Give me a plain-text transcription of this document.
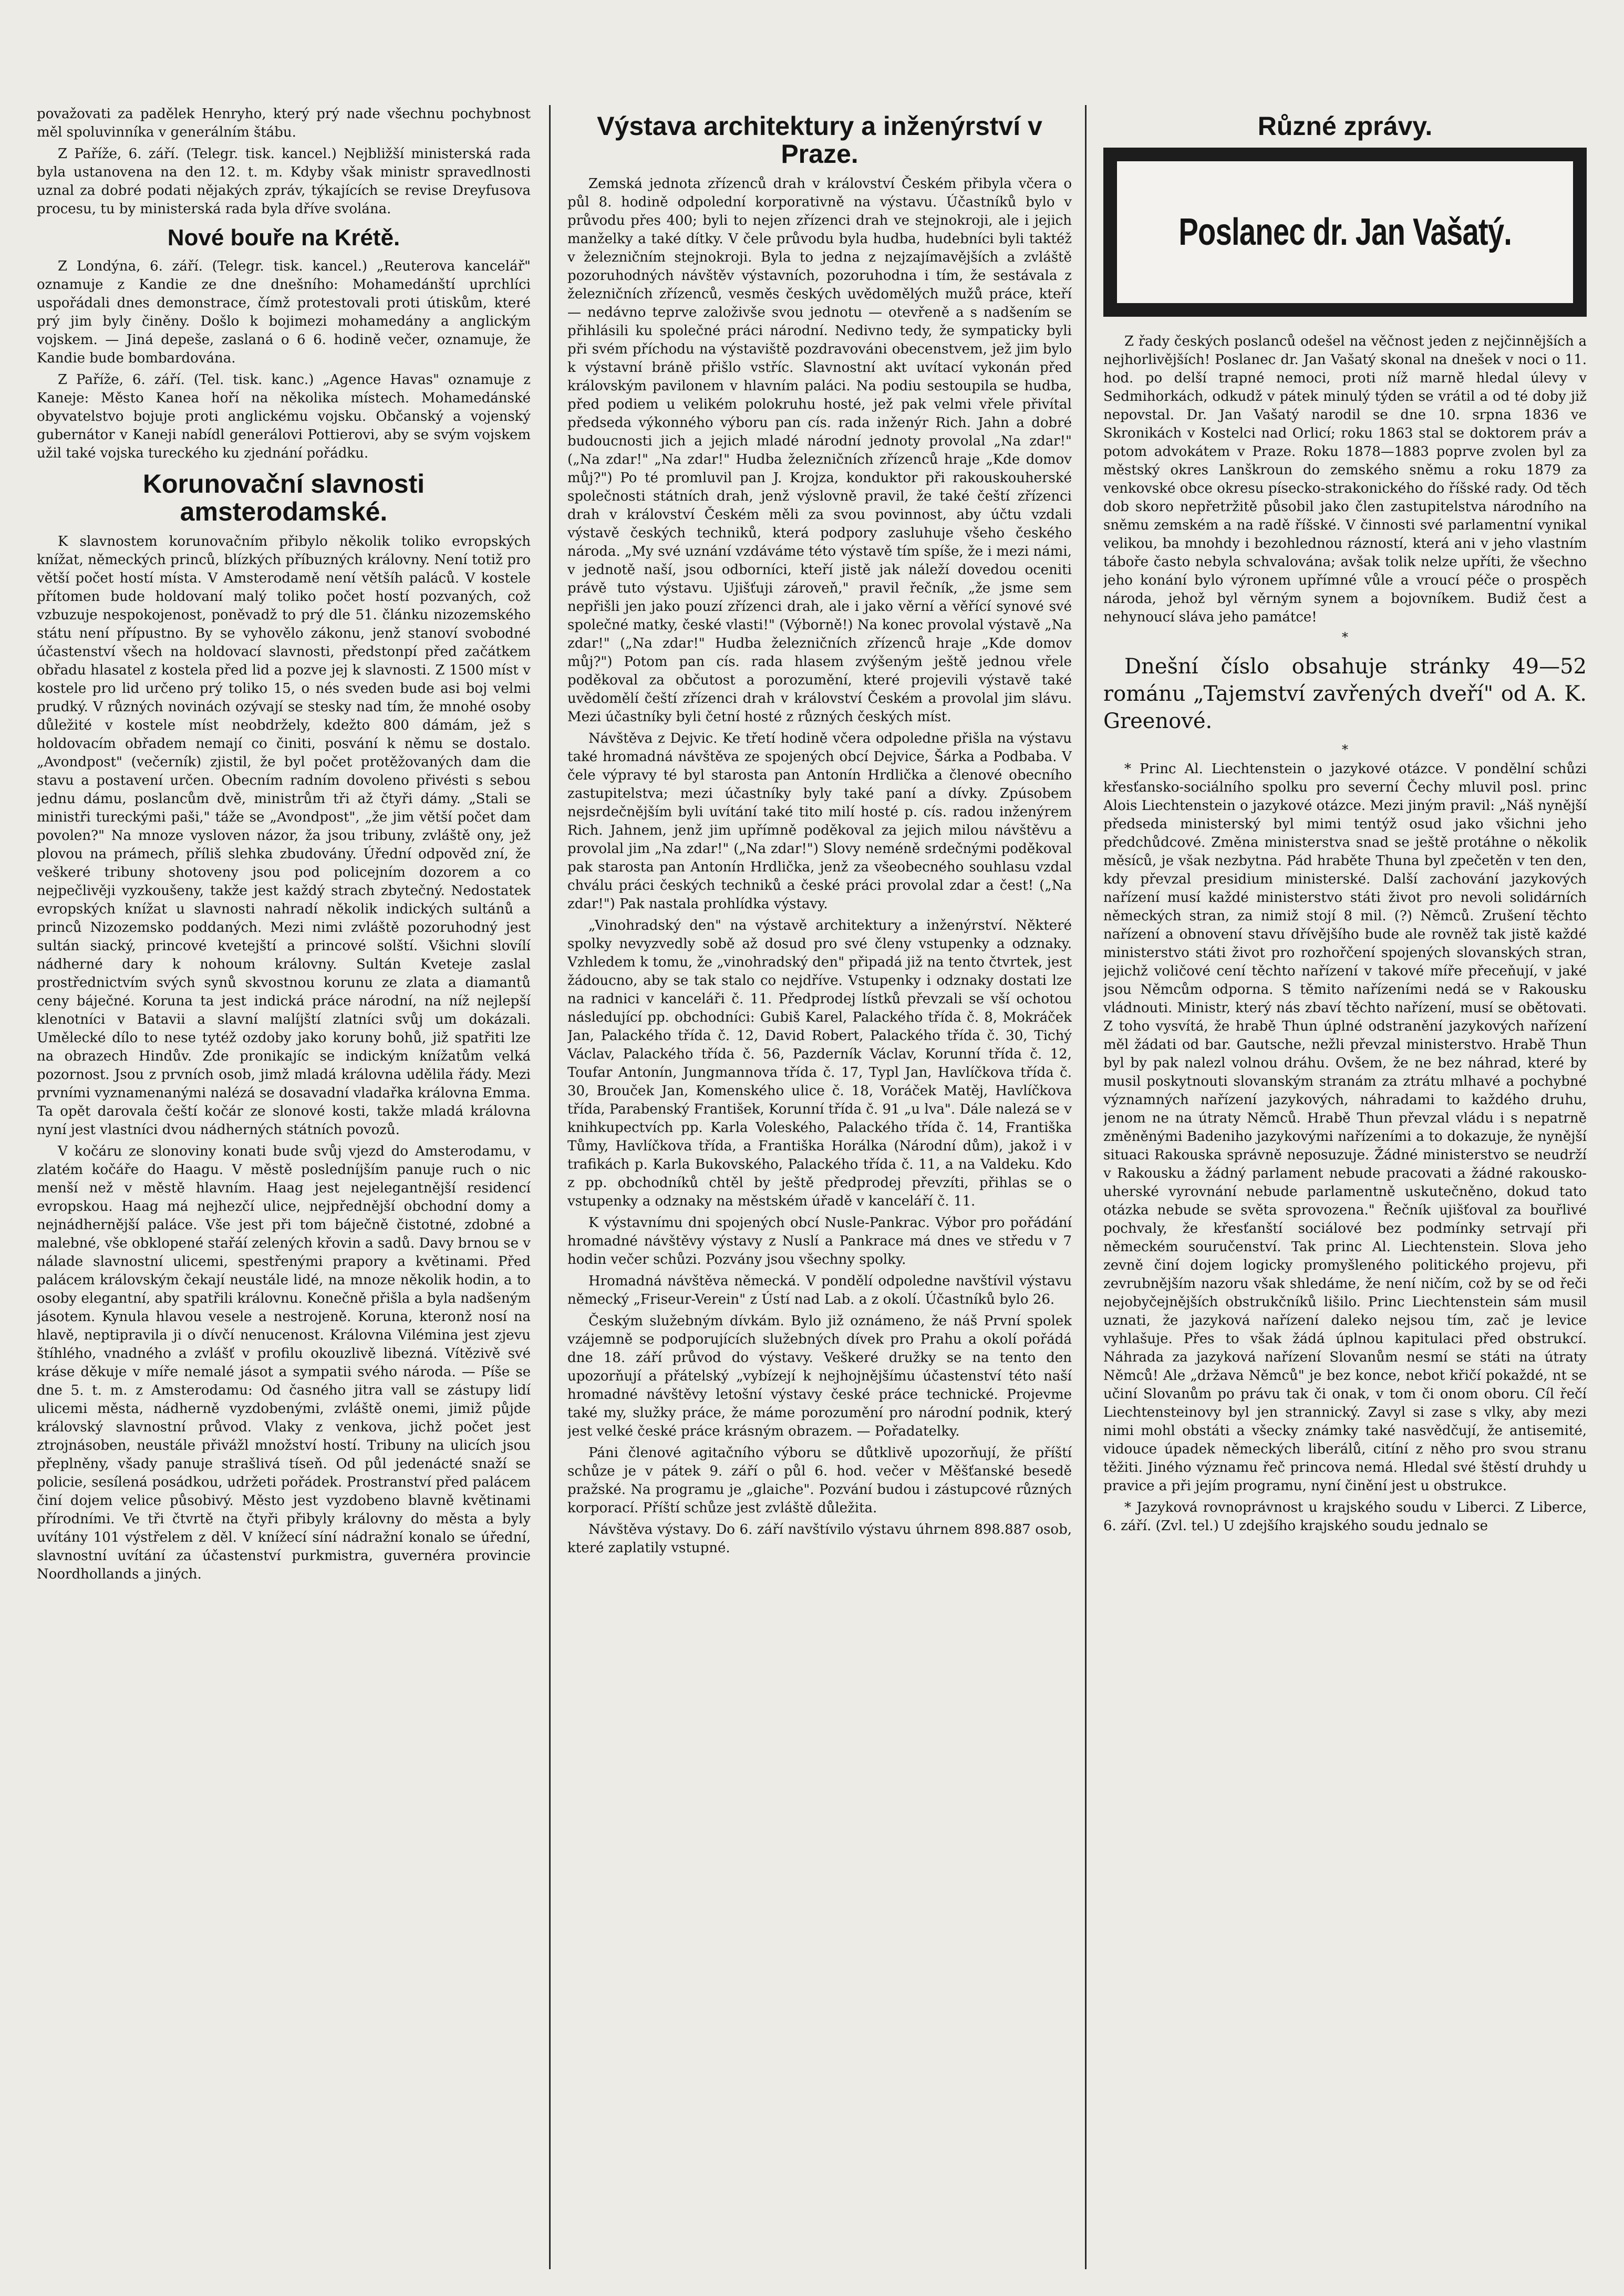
považovati za padělek Henryho, který prý nade všechnu pochybnost měl spoluvinníka v generálním štábu.

Z Paříže, 6. září. (Telegr. tisk. kancel.) Nejbližší ministerská rada byla ustanovena na den 12. t. m. Kdyby však ministr spravedlnosti uznal za dobré podati nějakých zpráv, týkajících se revise Dreyfusova procesu, tu by ministerská rada byla dříve svolána.

Nové bouře na Krétě.

Z Londýna, 6. září. (Telegr. tisk. kancel.) „Reuterova kancelář" oznamuje z Kandie ze dne dnešního: Mohamedánští uprchlíci uspořádali dnes demonstrace, čímž protestovali proti útiskům, které prý jim byly činěny. Došlo k bojimezi mohamedány a anglickým vojskem. — Jiná depeše, zaslaná o 6 6. hodině večer, oznamuje, že Kandie bude bombardována.

Z Paříže, 6. září. (Tel. tisk. kanc.) „Agence Havas" oznamuje z Kaneje: Město Kanea hoří na několika místech. Mohamedánské obyvatelstvo bojuje proti anglickému vojsku. Občanský a vojenský gubernátor v Kaneji nabídl generálovi Pottierovi, aby se svým vojskem užil také vojska tureckého ku zjednání pořádku.

Korunovační slavnosti amsterodamské.

K slavnostem korunovačním přibylo několik toliko evropských knížat, německých princů, blízkých příbuzných královny. Není totiž pro větší počet hostí místa. V Amsterodamě není většíh paláců. V kostele přítomen bude holdovaní malý toliko počet hostí pozvaných, což vzbuzuje nespokojenost, poněvadž to prý dle 51. článku nizozemského státu není přípustno. By se vyhovělo zákonu, jenž stanoví svobodné účastenství všech na holdovací slavnosti, předstonpí před začátkem obřadu hlasatel z kostela před lid a pozve jej k slavnosti. Z 1500 míst v kostele pro lid určeno prý toliko 15, o nés sveden bude asi boj velmi prudký. V různých novinách ozývají se stesky nad tím, že mnohé osoby důležité v kostele míst neobdržely, kdežto 800 dámám, jež s holdovacím obřadem nemají co činiti, posvání k němu se dostalo. „Avondpost" (večerník) zjistil, že byl počet protěžovaných dam die stavu a postavení určen. Obecním radním dovoleno přivésti s sebou jednu dámu, poslancům dvě, ministrům tři až čtyři dámy. „Stali se ministři tureckými paši," táže se „Avondpost", „že jim větší počet dam povolen?" Na mnoze vysloven názor, ža jsou tribuny, zvláště ony, jež plovou na prámech, příliš slehka zbudovány. Úřední odpověd zní, že veškeré tribuny shotoveny jsou pod policejním dozorem a co nejpečlivěji vyzkoušeny, takže jest každý strach zbytečný. Nedostatek evropských knížat u slavnosti nahradí několik indických sultánů a princů Nizozemsko poddaných. Mezi nimi zvláště pozoruhodný jest sultán siacký, princové kvetejští a princové solští. Všichni slovílí nádherné dary k nohoum královny. Sultán Kveteje zaslal prostřednictvím svých synů skvostnou korunu ze zlata a diamantů ceny báječné. Koruna ta jest indická práce národní, na níž nejlepší klenotníci v Batavii a slavní malíjští zlatníci svůj um dokázali. Umělecké dílo to nese tytéž ozdoby jako koruny bohů, již spatřiti lze na obrazech Hindův. Zde pronikajíc se indickým knížatům velká pozornost. Jsou z prvních osob, jimž mladá královna udělila řády. Mezi prvními vyznamenanými nalézá se dosavadní vladařka královna Emma. Ta opět darovala čeští kočár ze slonové kosti, takže mladá královna nyní jest vlastníci dvou nádherných státních povozů.

V kočáru ze slonoviny konati bude svůj vjezd do Amsterodamu, v zlatém kočáře do Haagu. V městě posledníjším panuje ruch o nic menší než v městě hlavním. Haag jest nejelegantnější residencí evropskou. Haag má nejhezčí ulice, nejpřednější obchodní domy a nejnádhernější paláce. Vše jest při tom báječně čistotné, zdobné a malebné, vše obklopené stařáí zelených křovin a sadů. Davy brnou se v nálade slavnostní ulicemi, spestřenými prapory a květinami. Před palácem královským čekají neustále lidé, na mnoze několik hodin, a to osoby elegantní, aby spatřili královnu. Konečně přišla a byla nadšeným jásotem. Kynula hlavou vesele a nestrojeně. Koruna, kteronž nosí na hlavě, neptipravila ji o dívčí nenucenost. Královna Vilémina jest zjevu štíhlého, vnadného a zvlášť v profilu okouzlivě libezná. Vítězivě své kráse děkuje v míře nemalé jásot a sympatii svého národa. — Píše se dne 5. t. m. z Amsterodamu: Od časného jitra vall se zástupy lidí ulicemi města, nádherně vyzdobenými, zvláště onemi, jimiž půjde královský slavnostní průvod. Vlaky z venkova, jichž počet jest ztrojnásoben, neustále přivážl množství hostí. Tribuny na ulicích jsou přeplněny, všady panuje strašlivá tíseň. Od půl jedenácté snaží se policie, sesílená posádkou, udržeti pořádek. Prostranství před palácem činí dojem velice působivý. Město jest vyzdobeno blavně květinami přírodními. Ve tři čtvrtě na čtyři přibyly královny do města a byly uvítány 101 výstřelem z děl. V knížecí síní nádražní konalo se úřední, slavnostní uvítání za účastenství purkmistra, guvernéra provincie Noordhollands a jiných.

Výstava architektury a inženýrství v Praze.

Zemská jednota zřízenců drah v království Českém přibyla včera o půl 8. hodině odpolední korporativně na výstavu. Účastníků bylo v průvodu přes 400; byli to nejen zřízenci drah ve stejnokroji, ale i jejich manželky a také dítky. V čele průvodu byla hudba, hudebníci byli taktéž v železničním stejnokroji. Byla to jedna z nejzajímavějších a zvláště pozoruhodných návštěv výstavních, pozoruhodna i tím, že sestávala z železničních zřízenců, vesměs českých uvědomělých mužů práce, kteří — nedávno teprve založivše svou jednotu — otevřeně a s nadšením se přihlásili ku společné práci národní. Nedivno tedy, že sympaticky byli při svém příchodu na výstaviště pozdravováni obecenstvem, jež jim bylo k výstavní bráně přišlo vstříc. Slavnostní akt uvítací vykonán před královským pavilonem v hlavním paláci. Na podiu sestoupila se hudba, před podiem u velikém polokruhu hosté, jež pak velmi vřele přivítal předseda výkonného výboru pan cís. rada inženýr Rich. Jahn a dobré budoucnosti jich a jejich mladé národní jednoty provolal „Na zdar!" („Na zdar!" „Na zdar!" Hudba železničních zřízenců hraje „Kde domov můj?") Po té promluvil pan J. Krojza, konduktor při rakouskouherské společnosti státních drah, jenž výslovně pravil, že také čeští zřízenci drah v království Českém měli za svou povinnost, aby účtu vzdali výstavě českých techniků, která podpory zasluhuje všeho českého národa. „My své uznání vzdáváme této výstavě tím spíše, že i mezi námi, v jednotě naší, jsou odborníci, kteří jistě jak náleží dovedou oceniti právě tuto výstavu. Ujišťuji zároveň," pravil řečník, „že jsme sem nepřišli jen jako pouzí zřízenci drah, ale i jako věrní a věřící synové své společné matky, české vlasti!" (Výborně!) Na konec provolal výstavě „Na zdar!" („Na zdar!" Hudba železničních zřízenců hraje „Kde domov můj?") Potom pan cís. rada hlasem zvýšeným ještě jednou vřele poděkoval za občutost a porozumění, které projevili výstavě také uvědomělí čeští zřízenci drah v království Českém a provolal jim slávu. Mezi účastníky byli četní hosté z různých českých míst.

Návštěva z Dejvic. Ke třetí hodině včera odpoledne přišla na výstavu také hromadná návštěva ze spojených obcí Dejvice, Šárka a Podbaba. V čele výpravy té byl starosta pan Antonín Hrdlička a členové obecního zastupitelstva; mezi účastníky byly také paní a dívky. Zpúsobem nejsrdečnějším byli uvítání také tito milí hosté p. cís. radou inženýrem Rich. Jahnem, jenž jim upřímně poděkoval za jejich milou návštěvu a provolal jim „Na zdar!" („Na zdar!") Slovy neméně srdečnými poděkoval pak starosta pan Antonín Hrdlička, jenž za všeobecného souhlasu vzdal chválu práci českých techniků a české práci provolal zdar a čest! („Na zdar!") Pak nastala prohlídka výstavy.

„Vinohradský den" na výstavě architektury a inženýrství. Některé spolky nevyzvedly sobě až dosud pro své členy vstupenky a odznaky. Vzhledem k tomu, že „vinohradský den" připadá již na tento čtvrtek, jest žádoucno, aby se tak stalo co nejdříve. Vstupenky i odznaky dostati lze na radnici v kanceláři č. 11. Předprodej lístků převzali se vší ochotou následující pp. obchodníci: Gubiš Karel, Palackého třída č. 8, Mokráček Jan, Palackého třída č. 12, David Robert, Palackého třída č. 30, Tichý Václav, Palackého třída č. 56, Pazderník Václav, Korunní třída č. 12, Toufar Antonín, Jungmannova třída č. 17, Typl Jan, Havlíčkova třída č. 30, Brouček Jan, Komenského ulice č. 18, Voráček Matěj, Havlíčkova třída, Parabenský František, Korunní třída č. 91 „u lva". Dále nalezá se v knihkupectvích pp. Karla Voleského, Palackého třída č. 14, Františka Tůmy, Havlíčkova třída, a Františka Horálka (Národní dům), jakož i v trafikách p. Karla Bukovského, Palackého třída č. 11, a na Valdeku. Kdo z pp. obchodníků chtěl by ještě předprodej převzíti, přihlas se o vstupenky a odznaky na městském úřadě v kanceláří č. 11.

K výstavnímu dni spojených obcí Nusle-Pankrac. Výbor pro pořádání hromadné návštěvy výstavy z Nuslí a Pankrace má dnes ve středu v 7 hodin večer schůzi. Pozvány jsou všechny spolky.

Hromadná návštěva německá. V pondělí odpoledne navštívil výstavu německý „Friseur-Verein" z Ústí nad Lab. a z okolí. Účastníků bylo 26.

Českým služebným dívkám. Bylo již oznámeno, že náš První spolek vzájemně se podporujících služebných dívek pro Prahu a okolí pořádá dne 18. září průvod do výstavy. Veškeré družky se na tento den upozorňují a přátelský „vybízejí k nejhojnějšímu účastenství této naší hromadné návštěvy letošní výstavy české práce technické. Projevme také my, služky práce, že máme porozumění pro národní podnik, který jest velké české práce krásným obrazem. — Pořadatelky.

Páni členové agitačního výboru se důtklivě upozorňují, že příští schůze je v pátek 9. září o půl 6. hod. večer v Měšťanské besedě pražské. Na programu je „glaiche". Pozvání budou i zástupcové různých korporací. Příští schůze jest zvláště důležita.

Návštěva výstavy. Do 6. září navštívilo výstavu úhrnem 898.887 osob, které zaplatily vstupné.

Různé zprávy.
Poslanec dr. Jan Vašatý.

Z řady českých poslanců odešel na věčnost jeden z nejčinnějších a nejhorlivějších! Poslanec dr. Jan Vašatý skonal na dnešek v noci o 11. hod. po delší trapné nemoci, proti níž marně hledal úlevy v Sedmihorkách, odkudž v pátek minulý týden se vrátil a od té doby již nepovstal. Dr. Jan Vašatý narodil se dne 10. srpna 1836 ve Skronikách v Kostelci nad Orlicí; roku 1863 stal se doktorem práv a potom advokátem v Praze. Roku 1878—1883 poprve zvolen byl za městský okres Lanškroun do zemského sněmu a roku 1879 za venkovské obce okresu písecko-strakonického do říšské rady. Od těch dob skoro nepřetržitě působil jako člen zastupitelstva národního na sněmu zemském a na radě říšské. V činnosti své parlamentní vynikal velikou, ba mnohdy i bezohlednou rázností, která ani v jeho vlastním táboře často nebyla schvalována; avšak tolik nelze upříti, že všechno jeho konání bylo výronem upřímné vůle a vroucí péče o prospěch národa, jehož byl věrným synem a bojovníkem. Budiž čest a nehynoucí sláva jeho památce!

*
Dnešní číslo obsahuje stránky 49—52 románu „Tajemství zavřených dveří" od A. K. Greenové.
*

* Princ Al. Liechtenstein o jazykové otázce. V pondělní schůzi křesťansko-sociálního spolku pro severní Čechy mluvil posl. princ Alois Liechtenstein o jazykové otázce. Mezi jiným pravil: „Náš nynější předseda ministerský byl mimi tentýž osud jako všichni jeho předchůdcové. Změna ministerstva snad se ještě protáhne o několik měsíců, je však nezbytna. Pád hraběte Thuna byl zpečetěn v ten den, kdy převzal presidium ministerské. Další zachování jazykových nařízení musí každé ministerstvo státi život pro nevoli solidárních německých stran, za nimiž stojí 8 mil. (?) Němců. Zrušení těchto nařízení a obnovení stavu dřívějšího bude ale rovněž tak jistě každé ministerstvo státi život pro rozhořčení spojených slovanských stran, jejichž voličové cení těchto nařízení v takové míře přeceňují, v jaké jsou Němcům odporna. S těmito nařízeními nedá se v Rakousku vládnouti. Ministr, který nás zbaví těchto nařízení, musí se obětovati. Z toho vysvítá, že hrabě Thun úplné odstranění jazykových nařízení měl žádati od bar. Gautsche, nežli převzal ministerstvo. Hrabě Thun byl by pak nalezl volnou dráhu. Ovšem, že ne bez náhrad, které by musil poskytnouti slovanským stranám za ztrátu mlhavé a pochybné významných nařízení jazykových, náhradami to každého druhu, jenom ne na útraty Němců. Hrabě Thun převzal vládu i s nepatrně změněnými Badeniho jazykovými nařízeními a to dokazuje, že nynější situaci Rakouska správně neposuzuje. Žádné ministerstvo se neudrží v Rakousku a žádný parlament nebude pracovati a žádné rakousko-uherské vyrovnání nebude parlamentně uskutečněno, dokud tato otázka nebude se světa sprovozena." Řečník ujišťoval za bouřlivé pochvaly, že křesťanští sociálové bez podmínky setrvají při německém souručenství. Tak princ Al. Liechtenstein. Slova jeho zevně činí dojem logicky promyšleného politického projevu, při zevrubnějším nazoru však shledáme, že není ničím, což by se od řeči nejobyčejnějších obstrukčníků lišilo. Princ Liechtenstein sám musil uznati, že jazyková nařízení daleko nejsou tím, zač je levice vyhlašuje. Přes to však žádá úplnou kapitulaci před obstrukcí. Náhrada za jazyková nařízení Slovanům nesmí se státi na útraty Němců! Ale „država Němců" je bez konce, nebot křičí pokaždé, nt se učiní Slovanům po právu tak či onak, v tom či onom oboru. Cíl řečí Liechtensteinovy byl jen strannický. Zavyl si zase s vlky, aby mezi nimi mohl obstáti a všecky známky také nasvědčují, že antisemité, vidouce úpadek německých liberálů, citíní z něho pro svou stranu těžiti. Jiného významu řeč princova nemá. Hledal své štěstí druhdy u pravice a při jejím programu, nyní činění jest u obstrukce.

* Jazyková rovnoprávnost u krajského soudu v Liberci. Z Liberce, 6. září. (Zvl. tel.) U zdejšího krajského soudu jednalo se
